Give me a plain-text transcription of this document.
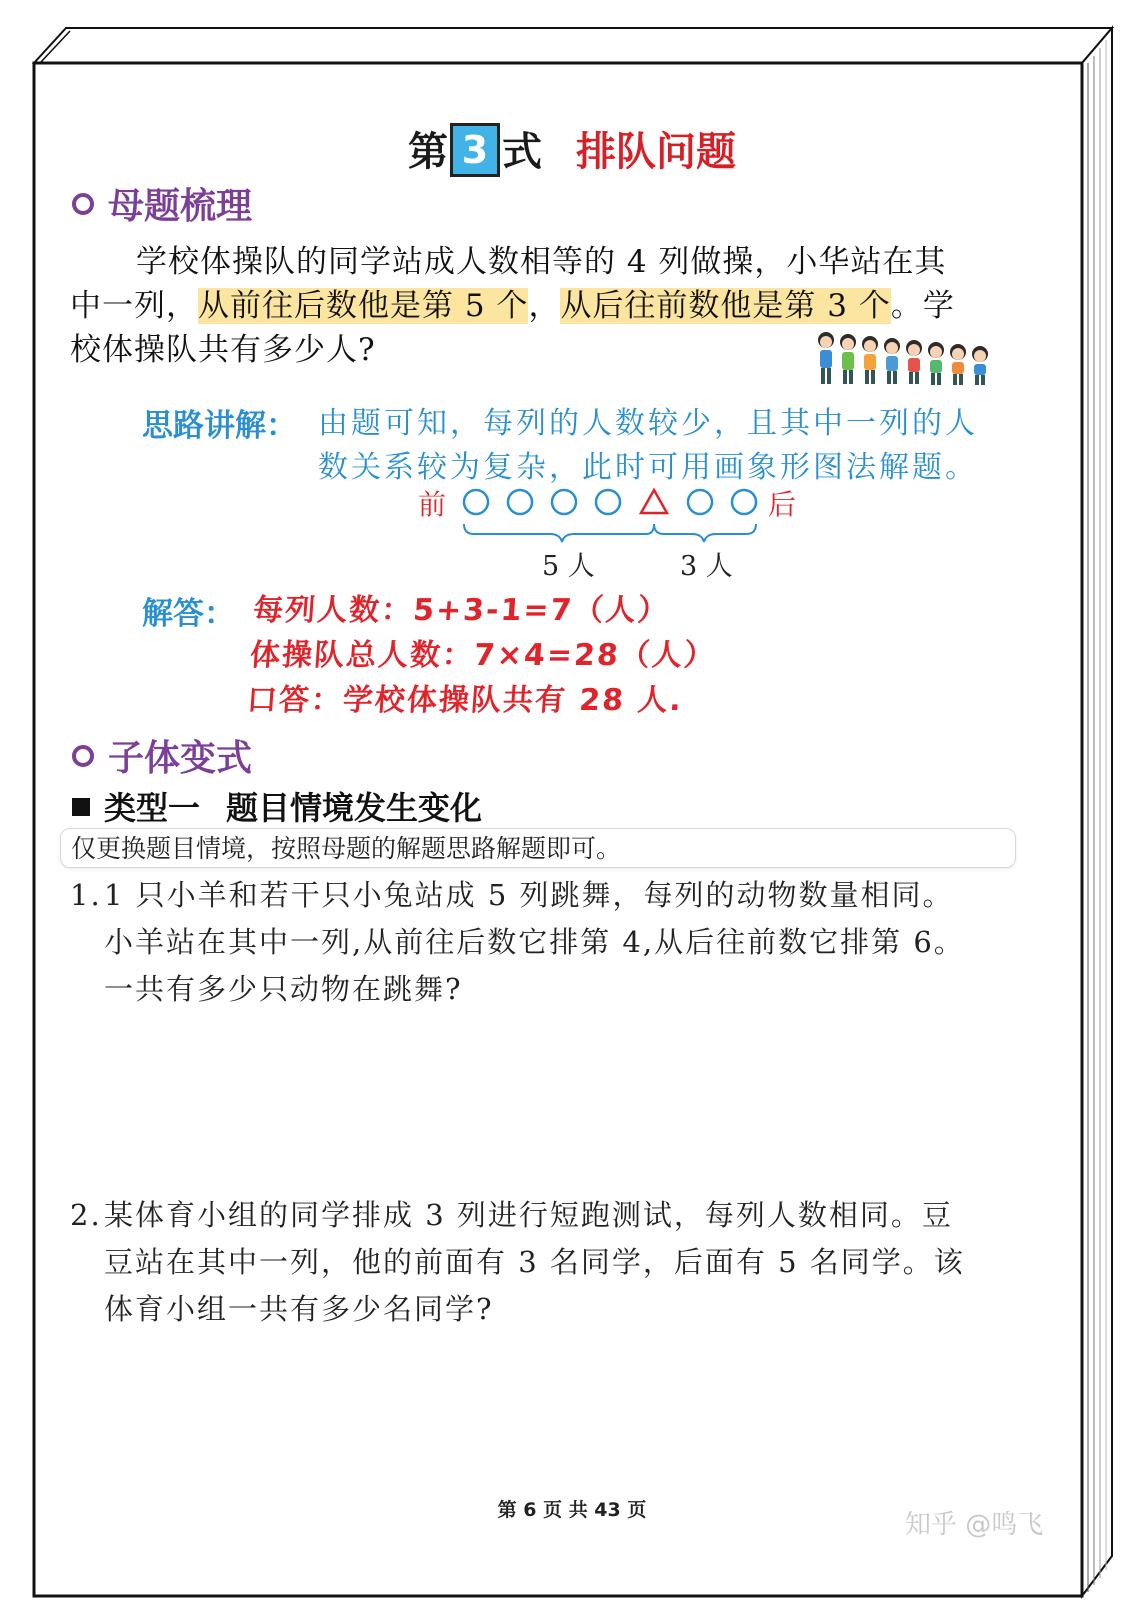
第 3 式 排队问题
母题梳理

学校体操队的同学站成人数相等的 4 列做操，小华站在其

中一列，从前往后数他是第 5 个，从后往前数他是第 3 个。学

校体操队共有多少人?

思路讲解： 由题可知，每列的人数较少，且其中一列的人

数关系较为复杂，此时可用画象形图法解题。

前	后
5 人	3 人
解答： 每列人数：5+3-1=7（人）

体操队总人数：7×4=28（人）

口答：学校体操队共有 28 人.

子体变式
类型一 题目情境发生变化
仅更换题目情境，按照母题的解题思路解题即可。

1.1 只小羊和若干只小兔站成 5 列跳舞，每列的动物数量相同。

小羊站在其中一列,从前往后数它排第 4,从后往前数它排第 6。

一共有多少只动物在跳舞?

2.某体育小组的同学排成 3 列进行短跑测试，每列人数相同。豆

豆站在其中一列，他的前面有 3 名同学，后面有 5 名同学。该

体育小组一共有多少名同学?

第 6 页 共 43 页	知乎 @鸣飞
